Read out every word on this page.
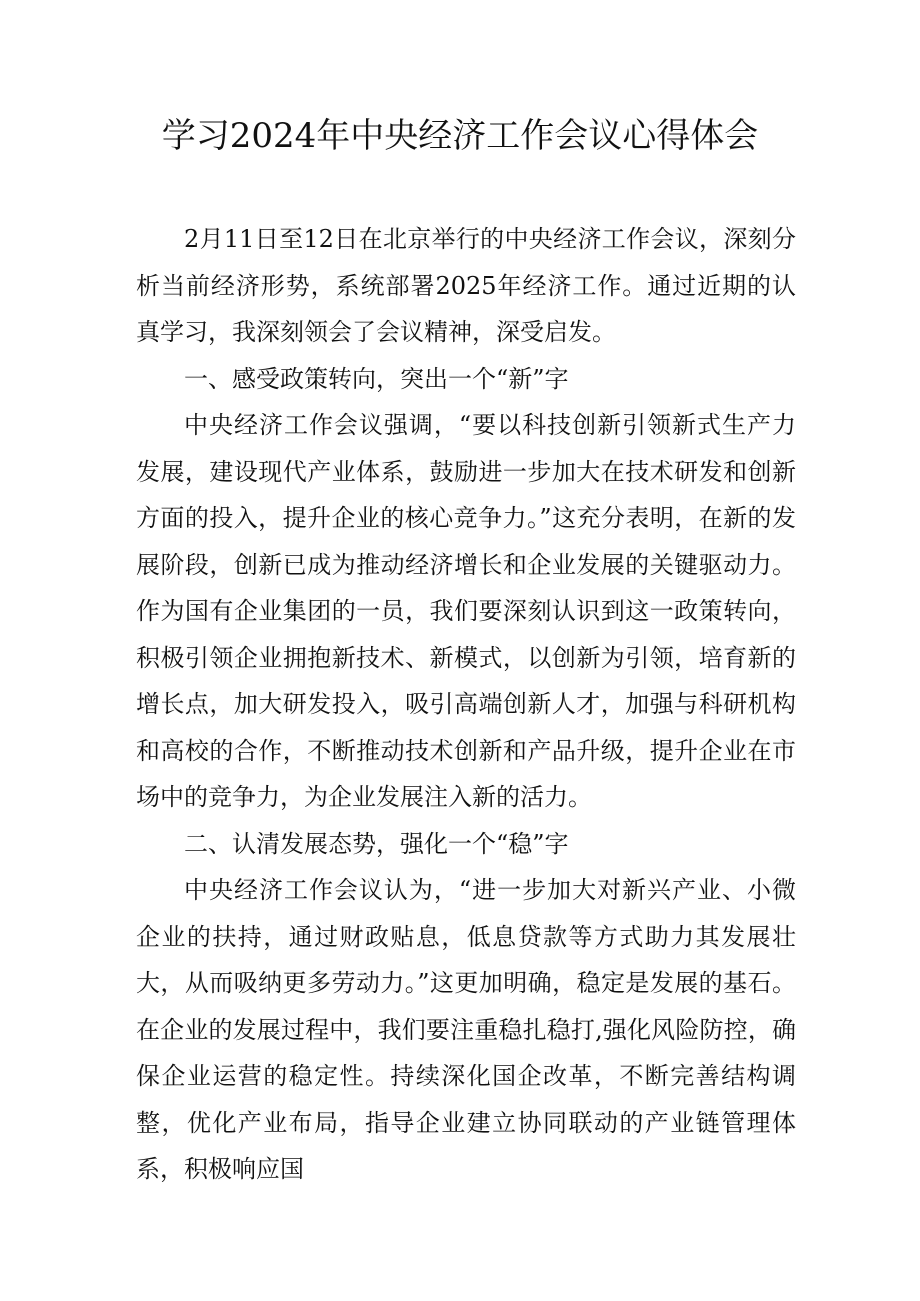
学习2024年中央经济工作会议心得体会

2月11日至12日在北京举行的中央经济工作会议，深刻分析当前经济形势，系统部署2025年经济工作。通过近期的认真学习，我深刻领会了会议精神，深受启发。

一、感受政策转向，突出一个“新”字

中央经济工作会议强调，“要以科技创新引领新式生产力发展，建设现代产业体系，鼓励进一步加大在技术研发和创新方面的投入，提升企业的核心竞争力。”这充分表明，在新的发展阶段，创新已成为推动经济增长和企业发展的关键驱动力。作为国有企业集团的一员，我们要深刻认识到这一政策转向，积极引领企业拥抱新技术、新模式，以创新为引领，培育新的增长点，加大研发投入，吸引高端创新人才，加强与科研机构和高校的合作，不断推动技术创新和产品升级，提升企业在市场中的竞争力，为企业发展注入新的活力。

二、认清发展态势，强化一个“稳”字

中央经济工作会议认为，“进一步加大对新兴产业、小微企业的扶持，通过财政贴息，低息贷款等方式助力其发展壮大，从而吸纳更多劳动力。”这更加明确，稳定是发展的基石。在企业的发展过程中，我们要注重稳扎稳打,强化风险防控，确保企业运营的稳定性。持续深化国企改革，不断完善结构调整，优化产业布局，指导企业建立协同联动的产业链管理体系，积极响应国
